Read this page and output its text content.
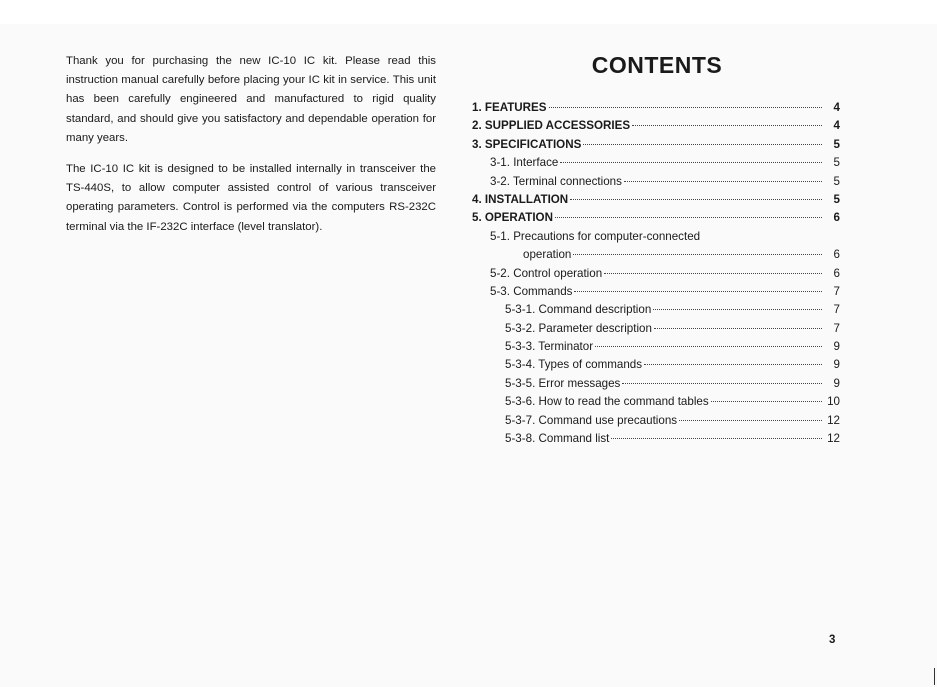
Thank you for purchasing the new IC-10 IC kit. Please read this instruction manual carefully before placing your IC kit in service. This unit has been carefully engineered and manufactured to rigid quality standard, and should give you satisfactory and dependable operation for many years.

The IC-10 IC kit is designed to be installed internally in transceiver the TS-440S, to allow computer assisted control of various transceiver operating parameters. Control is performed via the computers RS-232C terminal via the IF-232C interface (level translator).

CONTENTS
1. FEATURES	4
2. SUPPLIED ACCESSORIES	4
3. SPECIFICATIONS	5
3-1. Interface	5
3-2. Terminal connections	5
4. INSTALLATION	5
5. OPERATION	6
5-1. Precautions for computer-connected
operation	6
5-2. Control operation	6
5-3. Commands	7
5-3-1. Command description	7
5-3-2. Parameter description	7
5-3-3. Terminator	9
5-3-4. Types of commands	9
5-3-5. Error messages	9
5-3-6. How to read the command tables	10
5-3-7. Command use precautions	12
5-3-8. Command list	12
3
